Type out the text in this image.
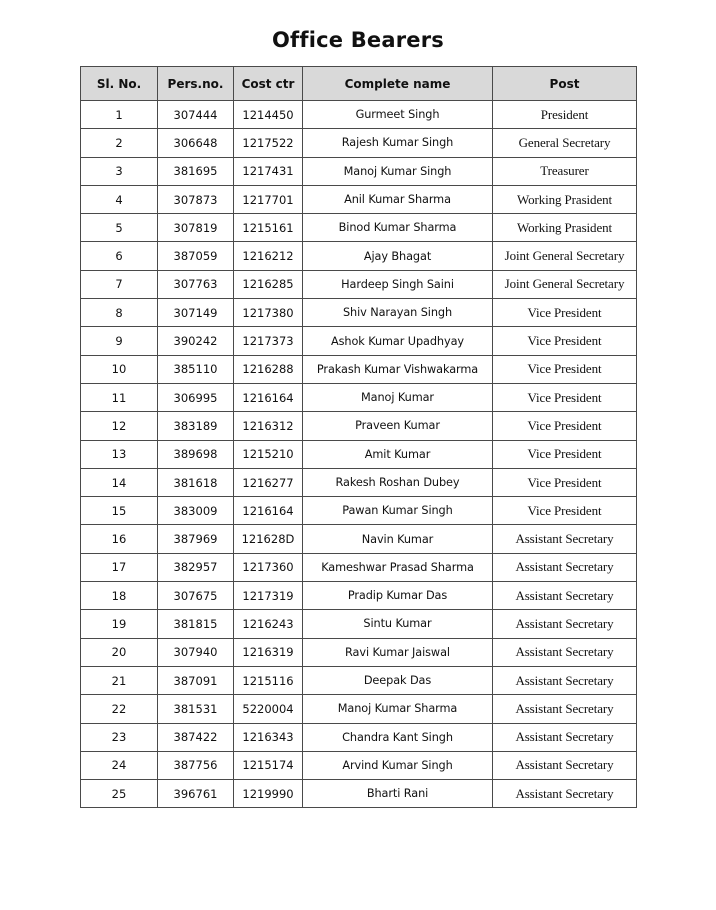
Office Bearers
Sl. No.	Pers.no.	Cost ctr	Complete name	Post
1	307444	1214450	Gurmeet Singh	President
2	306648	1217522	Rajesh Kumar Singh	General Secretary
3	381695	1217431	Manoj Kumar Singh	Treasurer
4	307873	1217701	Anil Kumar Sharma	Working Prasident
5	307819	1215161	Binod Kumar Sharma	Working Prasident
6	387059	1216212	Ajay Bhagat	Joint General Secretary
7	307763	1216285	Hardeep Singh Saini	Joint General Secretary
8	307149	1217380	Shiv Narayan Singh	Vice President
9	390242	1217373	Ashok Kumar Upadhyay	Vice President
10	385110	1216288	Prakash Kumar Vishwakarma	Vice President
11	306995	1216164	Manoj Kumar	Vice President
12	383189	1216312	Praveen Kumar	Vice President
13	389698	1215210	Amit Kumar	Vice President
14	381618	1216277	Rakesh Roshan Dubey	Vice President
15	383009	1216164	Pawan Kumar Singh	Vice President
16	387969	121628D	Navin Kumar	Assistant Secretary
17	382957	1217360	Kameshwar Prasad Sharma	Assistant Secretary
18	307675	1217319	Pradip Kumar Das	Assistant Secretary
19	381815	1216243	Sintu Kumar	Assistant Secretary
20	307940	1216319	Ravi Kumar Jaiswal	Assistant Secretary
21	387091	1215116	Deepak Das	Assistant Secretary
22	381531	5220004	Manoj Kumar Sharma	Assistant Secretary
23	387422	1216343	Chandra Kant Singh	Assistant Secretary
24	387756	1215174	Arvind Kumar Singh	Assistant Secretary
25	396761	1219990	Bharti Rani	Assistant Secretary
